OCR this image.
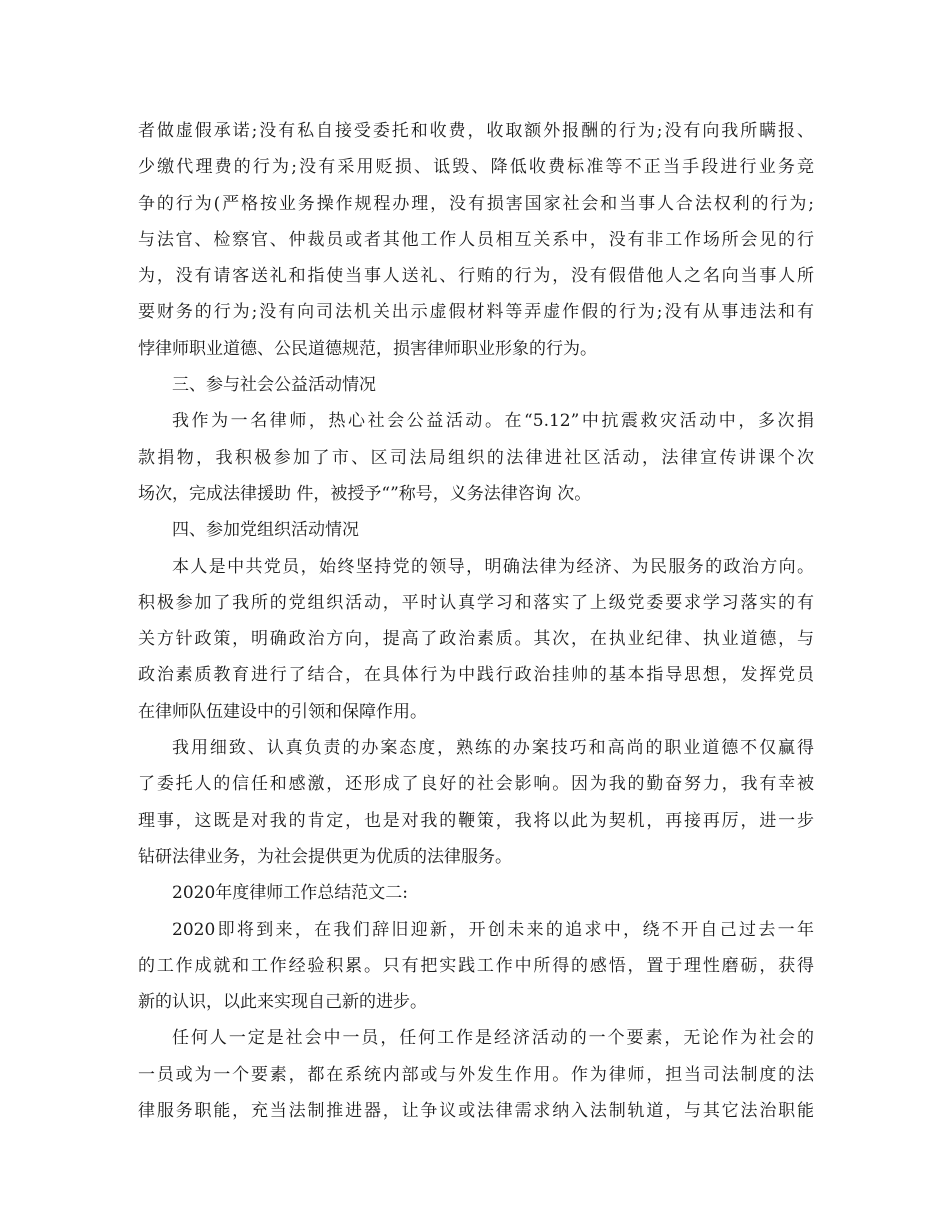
者做虚假承诺;没有私自接受委托和收费，收取额外报酬的行为;没有向我所瞒报、
少缴代理费的行为;没有采用贬损、诋毁、降低收费标准等不正当手段进行业务竞
争的行为(严格按业务操作规程办理，没有损害国家社会和当事人合法权利的行为;
与法官、检察官、仲裁员或者其他工作人员相互关系中，没有非工作场所会见的行
为，没有请客送礼和指使当事人送礼、行贿的行为，没有假借他人之名向当事人所
要财务的行为;没有向司法机关出示虚假材料等弄虚作假的行为;没有从事违法和有
悖律师职业道德、公民道德规范，损害律师职业形象的行为。
三、参与社会公益活动情况
我作为一名律师，热心社会公益活动。在“5.12”中抗震救灾活动中，多次捐
款捐物，我积极参加了市、区司法局组织的法律进社区活动，法律宣传讲课个次
场次，完成法律援助 件，被授予“”称号，义务法律咨询 次。
四、参加党组织活动情况
本人是中共党员，始终坚持党的领导，明确法律为经济、为民服务的政治方向。
积极参加了我所的党组织活动，平时认真学习和落实了上级党委要求学习落实的有
关方针政策，明确政治方向，提高了政治素质。其次，在执业纪律、执业道德，与
政治素质教育进行了结合，在具体行为中践行政治挂帅的基本指导思想，发挥党员
在律师队伍建设中的引领和保障作用。
我用细致、认真负责的办案态度，熟练的办案技巧和高尚的职业道德不仅赢得
了委托人的信任和感激，还形成了良好的社会影响。因为我的勤奋努力，我有幸被
理事，这既是对我的肯定，也是对我的鞭策，我将以此为契机，再接再厉，进一步
钻研法律业务，为社会提供更为优质的法律服务。
2020年度律师工作总结范文二:
2020即将到来，在我们辞旧迎新，开创未来的追求中，绕不开自己过去一年
的工作成就和工作经验积累。只有把实践工作中所得的感悟，置于理性磨砺，获得
新的认识，以此来实现自己新的进步。
任何人一定是社会中一员，任何工作是经济活动的一个要素，无论作为社会的
一员或为一个要素，都在系统内部或与外发生作用。作为律师，担当司法制度的法
律服务职能，充当法制推进器，让争议或法律需求纳入法制轨道，与其它法治职能
